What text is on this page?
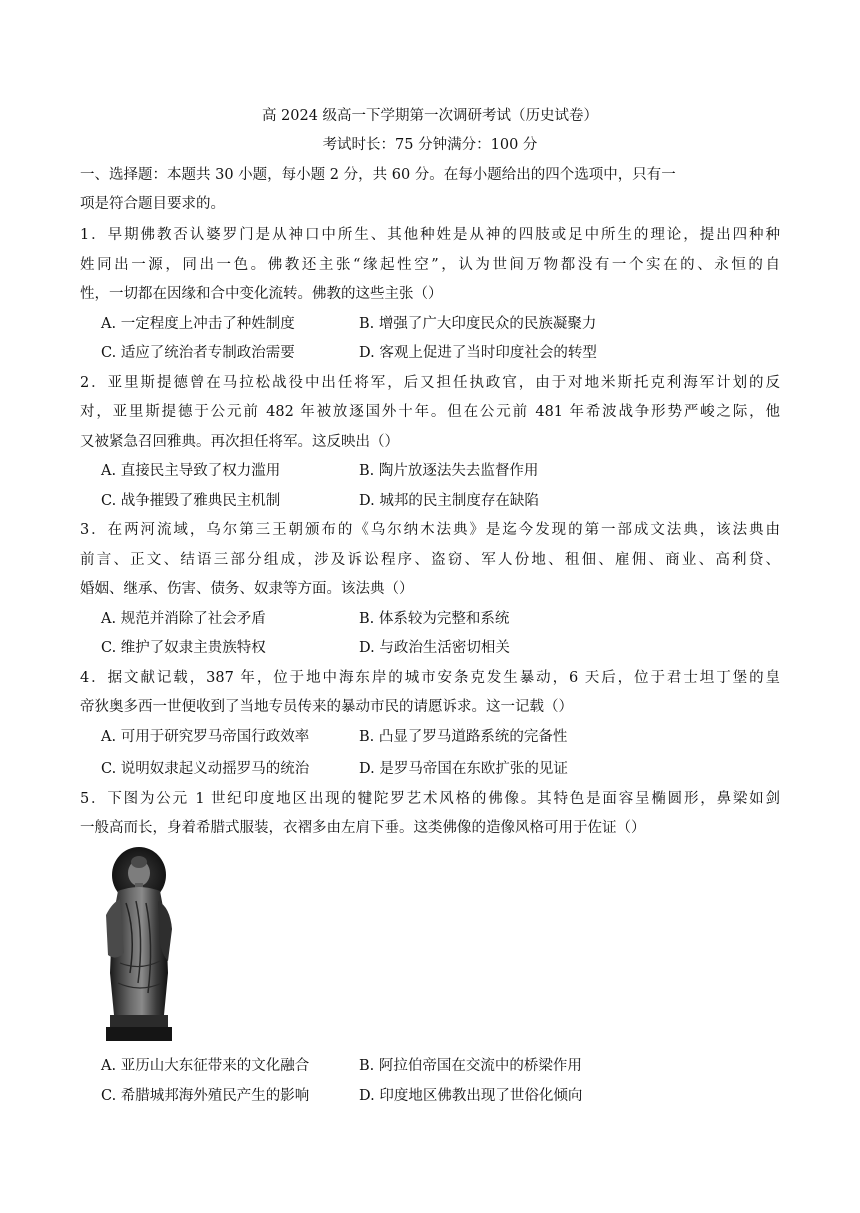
高 2024 级高一下学期第一次调研考试（历史试卷）
考试时长：75 分钟满分：100 分
一、选择题：本题共 30 小题，每小题 2 分，共 60 分。在每小题给出的四个选项中，只有一
项是符合题目要求的。
1．早期佛教否认婆罗门是从神口中所生、其他种姓是从神的四肢或足中所生的理论，提出四种种
姓同出一源，同出一色。佛教还主张“缘起性空”，认为世间万物都没有一个实在的、永恒的自
性，一切都在因缘和合中变化流转。佛教的这些主张（）
A. 一定程度上冲击了种姓制度	B. 增强了广大印度民众的民族凝聚力
C. 适应了统治者专制政治需要	D. 客观上促进了当时印度社会的转型
2．亚里斯提德曾在马拉松战役中出任将军，后又担任执政官，由于对地米斯托克利海军计划的反
对，亚里斯提德于公元前 482 年被放逐国外十年。但在公元前 481 年希波战争形势严峻之际，他
又被紧急召回雅典。再次担任将军。这反映出（）
A. 直接民主导致了权力滥用	B. 陶片放逐法失去监督作用
C. 战争摧毁了雅典民主机制	D. 城邦的民主制度存在缺陷
3．在两河流域，乌尔第三王朝颁布的《乌尔纳木法典》是迄今发现的第一部成文法典，该法典由
前言、正文、结语三部分组成，涉及诉讼程序、盗窃、军人份地、租佃、雇佣、商业、高利贷、
婚姻、继承、伤害、债务、奴隶等方面。该法典（）
A. 规范并消除了社会矛盾	B. 体系较为完整和系统
C. 维护了奴隶主贵族特权	D. 与政治生活密切相关
4．据文献记载，387 年，位于地中海东岸的城市安条克发生暴动，6 天后，位于君士坦丁堡的皇
帝狄奥多西一世便收到了当地专员传来的暴动市民的请愿诉求。这一记载（）
A. 可用于研究罗马帝国行政效率	B. 凸显了罗马道路系统的完备性
C. 说明奴隶起义动摇罗马的统治	D. 是罗马帝国在东欧扩张的见证
5．下图为公元 1 世纪印度地区出现的犍陀罗艺术风格的佛像。其特色是面容呈椭圆形，鼻梁如剑
一般高而长，身着希腊式服装，衣褶多由左肩下垂。这类佛像的造像风格可用于佐证（）
A. 亚历山大东征带来的文化融合	B. 阿拉伯帝国在交流中的桥梁作用
C. 希腊城邦海外殖民产生的影响	D. 印度地区佛教出现了世俗化倾向
